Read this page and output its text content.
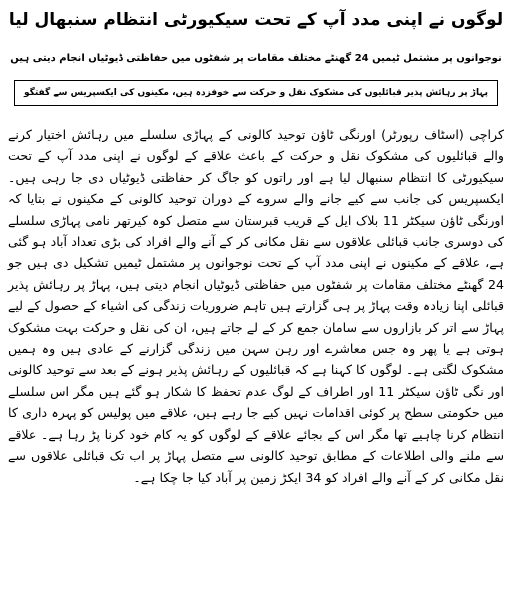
لوگوں نے اپنی مدد آپ کے تحت سیکیورٹی انتظام سنبھال لیا
نوجوانوں پر مشتمل ٹیمیں 24 گھنٹے مختلف مقامات پر شفٹوں میں حفاظتی ڈیوٹیاں انجام دیتی ہیں
پہاڑ پر رہائش پذیر قبائلیوں کی مشکوک نقل و حرکت سے خوفزدہ ہیں، مکینوں کی ایکسپریس سے گفتگو

کراچی (اسٹاف رپورٹر) اورنگی ٹاؤن توحید کالونی کے پہاڑی سلسلے میں رہائش اختیار کرنے والے قبائلیوں کی مشکوک نقل و حرکت کے باعث علاقے کے لوگوں نے اپنی مدد آپ کے تحت سیکیورٹی کا انتظام سنبھال لیا ہے اور راتوں کو جاگ کر حفاظتی ڈیوٹیاں دی جا رہی ہیں۔ ایکسپریس کی جانب سے کیے جانے والے سروے کے دوران توحید کالونی کے مکینوں نے بتایا کہ اورنگی ٹاؤن سیکٹر 11 بلاک ایل کے قریب قبرستان سے متصل کوہ کیرتھر نامی پہاڑی سلسلے کی دوسری جانب قبائلی علاقوں سے نقل مکانی کر کے آنے والے افراد کی بڑی تعداد آباد ہو گئی ہے، علاقے کے مکینوں نے اپنی مدد آپ کے تحت نوجوانوں پر مشتمل ٹیمیں تشکیل دی ہیں جو 24 گھنٹے مختلف مقامات پر شفٹوں میں حفاظتی ڈیوٹیاں انجام دیتی ہیں، پہاڑ پر رہائش پذیر قبائلی اپنا زیادہ وقت پہاڑ پر ہی گزارتے ہیں تاہم ضروریات زندگی کی اشیاء کے حصول کے لیے پہاڑ سے اتر کر بازاروں سے سامان جمع کر کے لے جاتے ہیں، ان کی نقل و حرکت بہت مشکوک ہوتی ہے یا پھر وہ جس معاشرے اور رہن سہن میں زندگی گزارنے کے عادی ہیں وہ ہمیں مشکوک لگتی ہے۔ لوگوں کا کہنا ہے کہ قبائلیوں کے رہائش پذیر ہونے کے بعد سے توحید کالونی اور نگی ٹاؤن سیکٹر 11 اور اطراف کے لوگ عدم تحفظ کا شکار ہو گئے ہیں مگر اس سلسلے میں حکومتی سطح پر کوئی اقدامات نہیں کیے جا رہے ہیں، علاقے میں پولیس کو پہرہ داری کا انتظام کرنا چاہیے تھا مگر اس کے بجائے علاقے کے لوگوں کو یہ کام خود کرنا پڑ رہا ہے۔ علاقے سے ملنے والی اطلاعات کے مطابق توحید کالونی سے متصل پہاڑ پر اب تک قبائلی علاقوں سے نقل مکانی کر کے آنے والے افراد کو 34 ایکڑ زمین پر آباد کیا جا چکا ہے۔
